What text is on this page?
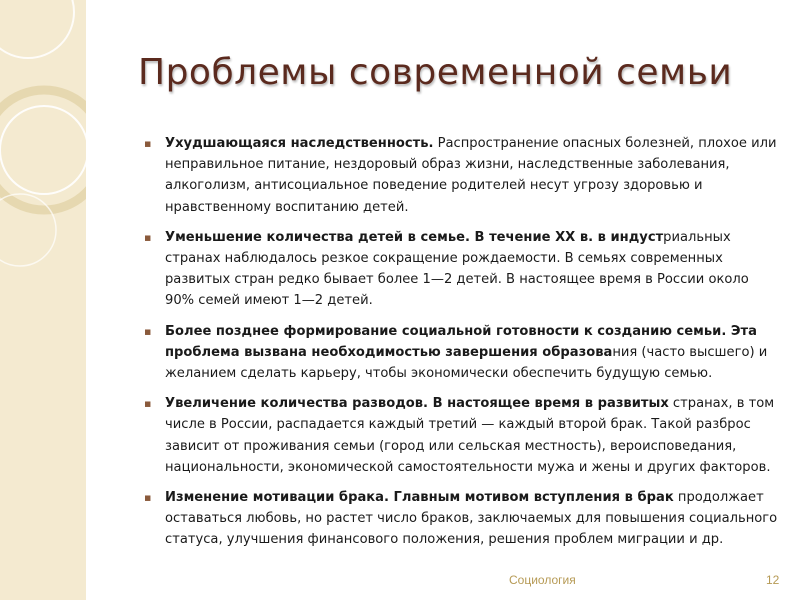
Проблемы современной семьи
▪ Ухудшающаяся наследственность. Распространение опасных болезней, плохое или неправильное питание, нездоровый образ жизни, наследственные заболевания, алкоголизм, антисоциальное поведение родителей несут угрозу здоровью и нравственному воспитанию детей.
▪ Уменьшение количества детей в семье. В течение XX в. в индустриальных странах наблюдалось резкое сокращение рождаемости. В семьях современных развитых стран редко бывает более 1—2 детей. В настоящее время в России около 90% семей имеют 1—2 детей.
▪ Более позднее формирование социальной готовности к созданию семьи. Эта проблема вызвана необходимостью завершения образования (часто высшего) и желанием сделать карьеру, чтобы экономически обеспечить будущую семью.
▪ Увеличение количества разводов. В настоящее время в развитых странах, в том числе в России, распадается каждый третий — каждый второй брак. Такой разброс зависит от проживания семьи (город или сельская местность), вероисповедания, национальности, экономической самостоятельности мужа и жены и других факторов.
▪ Изменение мотивации брака. Главным мотивом вступления в брак продолжает оставаться любовь, но растет число браков, заключаемых для повышения социального статуса, улучшения финансового положения, решения проблем миграции и др.
Социология	12
